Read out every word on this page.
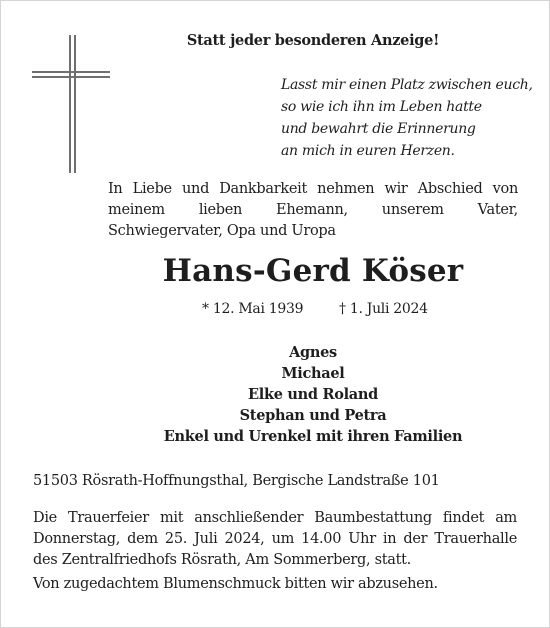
Statt jeder besonderen Anzeige!
Lasst mir einen Platz zwischen euch,
so wie ich ihn im Leben hatte
und bewahrt die Erinnerung
an mich in euren Herzen.
In Liebe und Dankbarkeit nehmen wir Abschied von meinem lieben Ehemann, unserem Vater, Schwiegervater, Opa und Uropa
Hans-Gerd Köser
* 12. Mai 1939	† 1. Juli 2024
Agnes
Michael
Elke und Roland
Stephan und Petra
Enkel und Urenkel mit ihren Familien
51503 Rösrath-Hoffnungsthal, Bergische Landstraße 101
Die Trauerfeier mit anschließender Baumbestattung findet am Donnerstag, dem 25. Juli 2024, um 14.00 Uhr in der Trauerhalle des Zentralfriedhofs Rösrath, Am Sommerberg, statt.
Von zugedachtem Blumenschmuck bitten wir abzusehen.
